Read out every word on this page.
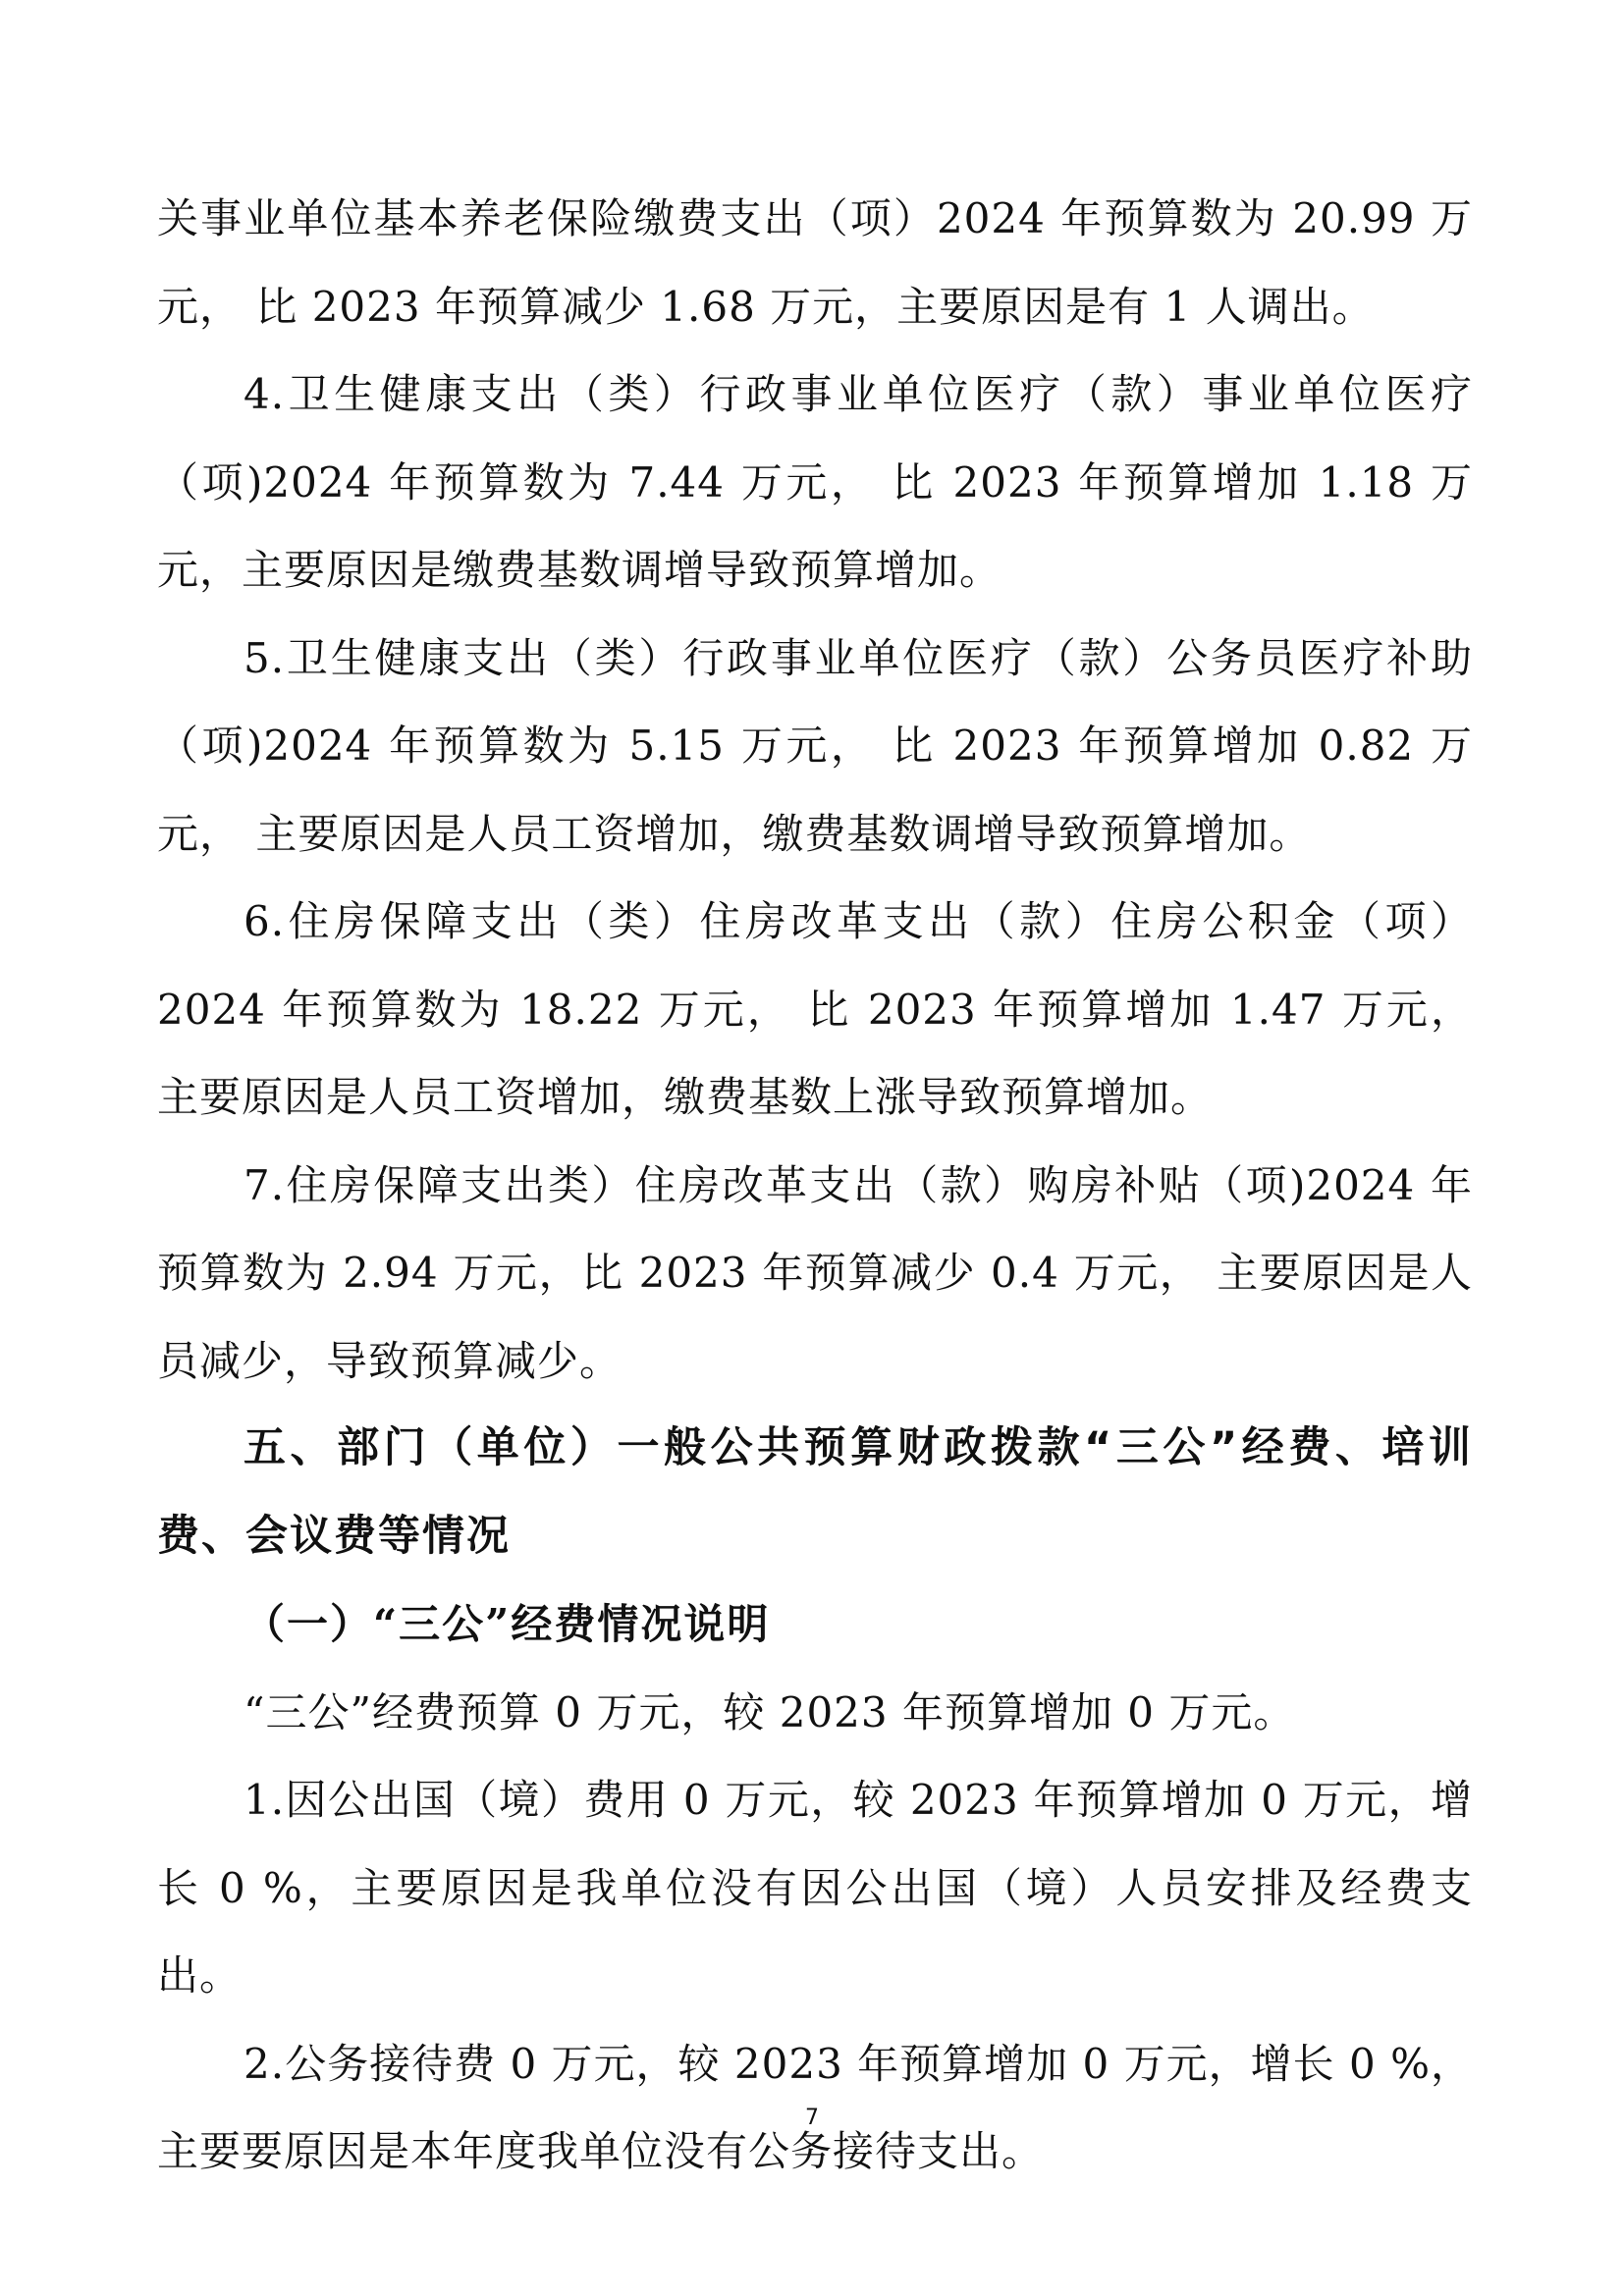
关事业单位基本养老保险缴费支出（项）2024 年预算数为 20.99 万元， 比 2023 年预算减少 1.68 万元，主要原因是有 1 人调出。

4.卫生健康支出（类）行政事业单位医疗（款）事业单位医疗（项)2024 年预算数为 7.44 万元， 比 2023 年预算增加 1.18 万元，主要原因是缴费基数调增导致预算增加。

5.卫生健康支出（类）行政事业单位医疗（款）公务员医疗补助（项)2024 年预算数为 5.15 万元， 比 2023 年预算增加 0.82 万元， 主要原因是人员工资增加，缴费基数调增导致预算增加。

6.住房保障支出（类）住房改革支出（款）住房公积金（项）2024 年预算数为 18.22 万元， 比 2023 年预算增加 1.47 万元， 主要原因是人员工资增加，缴费基数上涨导致预算增加。

7.住房保障支出类）住房改革支出（款）购房补贴（项)2024 年预算数为 2.94 万元，比 2023 年预算减少 0.4 万元， 主要原因是人员减少，导致预算减少。

五、部门（单位）一般公共预算财政拨款“三公”经费、培训费、会议费等情况
（一）“三公”经费情况说明

“三公”经费预算 0 万元，较 2023 年预算增加 0 万元。

1.因公出国（境）费用 0 万元，较 2023 年预算增加 0 万元，增长 0 %，主要原因是我单位没有因公出国（境）人员安排及经费支出。

2.公务接待费 0 万元，较 2023 年预算增加 0 万元，增长 0 %，主要要原因是本年度我单位没有公务接待支出。

7
